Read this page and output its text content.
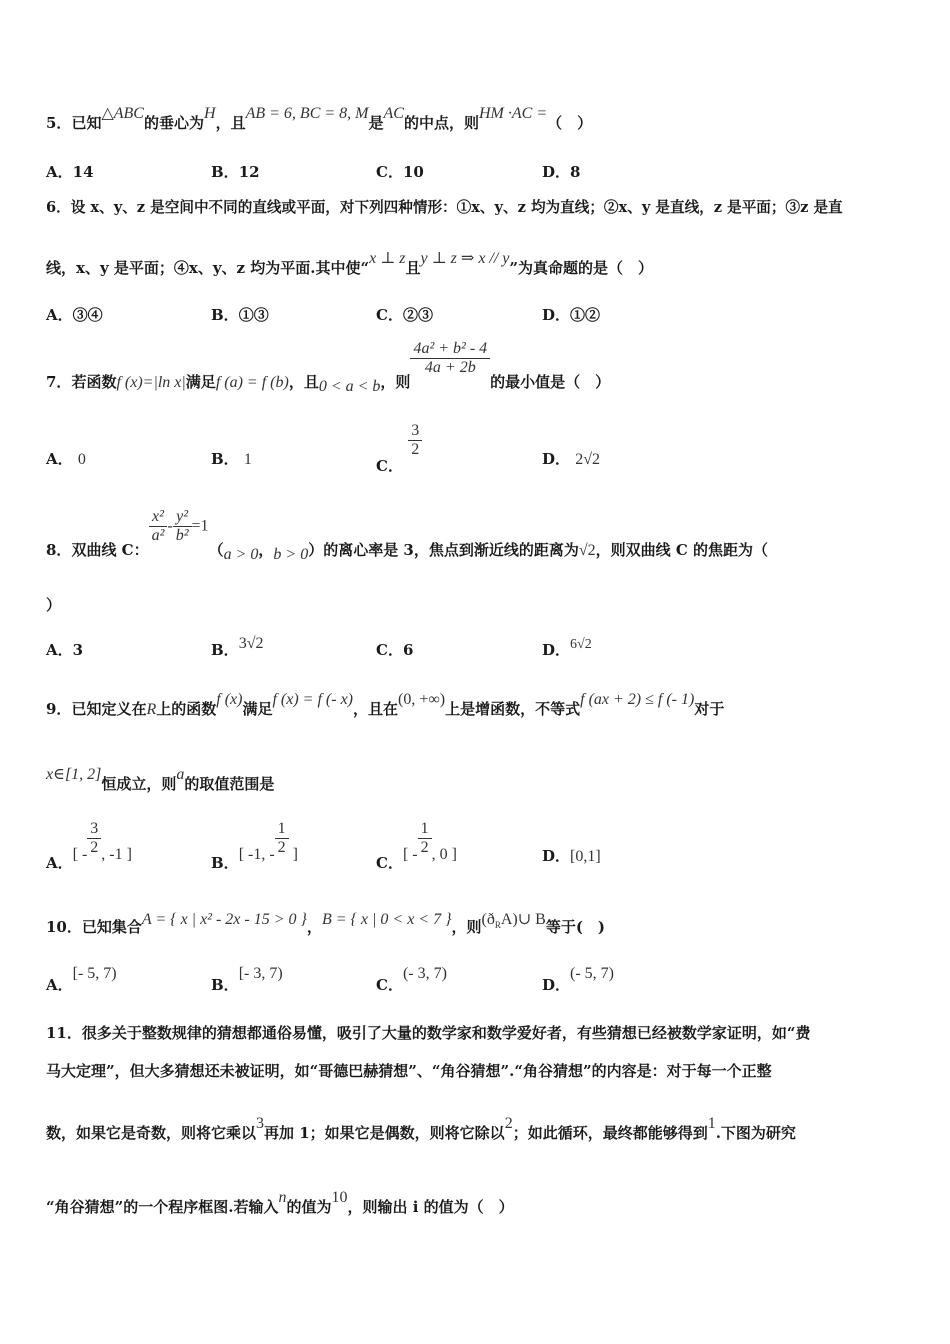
5．已知△ABC的垂心为H，且AB = 6, BC = 8, M是AC的中点，则HM ·AC =（　）
A．14	B．12	C．10	D．8
6．设 x、y、z 是空间中不同的直线或平面，对下列四种情形：①x、y、z 均为直线；②x、y 是直线，z 是平面；③z 是直
线，x、y 是平面；④x、y、z 均为平面.其中使“x ⊥ z且y ⊥ z ⇒ x // y”为真命题的是（　）
A．③④	B．①③	C．②③	D．①②
7．若函数f (x)=|ln x|满足f (a) = f (b)，且0 < a < b，则
$\frac{\text{4a² + b² - 4}}{4a + 2b}$
的最小值是（　）
A． 0	B． 1	C．
$\frac{3}{2}$	D． 2√2
8．双曲线 C：
$\frac{\text{x²}}{\text{a²}} - \frac{\text{y²}}{\text{b²}} =1(a > 0$，b > 0）的离心率是 3，焦点到渐近线的距离为√2，则双曲线 C 的焦距为（
）
A．3	B．3√2	C．6	D．6√2
9．已知定义在R上的函数f (x)满足f (x) = f (- x)，且在(0, +∞)上是增函数，不等式f (ax + 2) ≤ f (- 1)对于
x∈[1, 2]恒成立，则a的取值范围是
A．[ - $\frac{3}{2}$ , -1 ]	B．[ -1, - $\frac{1}{2}$ ]	C．[ - $\frac{1}{2}$ , 0 ]	D．[0,1]
10．已知集合A = { x | x² - 2x - 15 > 0 }，B = { x | 0 < x < 7 }，则$(ð_RA)\cup$ B等于(　)
A．[- 5, 7)
B．[- 3, 7)
C．(- 3, 7)
D．(- 5, 7)
11．很多关于整数规律的猜想都通俗易懂，吸引了大量的数学家和数学爱好者，有些猜想已经被数学家证明，如“费
马大定理”，但大多猜想还未被证明，如“哥德巴赫猜想”、“角谷猜想”.“角谷猜想”的内容是：对于每一个正整
数，如果它是奇数，则将它乘以3再加 1；如果它是偶数，则将它除以2；如此循环，最终都能够得到1.下图为研究
“角谷猜想”的一个程序框图.若输入n的值为10，则输出 i 的值为（　）
